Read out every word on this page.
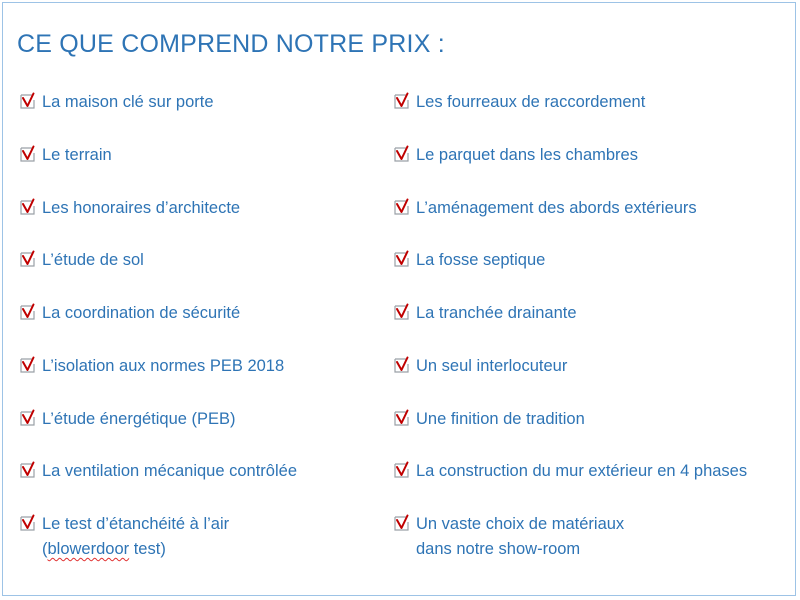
CE QUE COMPREND NOTRE PRIX :
La maison clé sur porte
Le terrain
Les honoraires d’architecte
L’étude de sol
La coordination de sécurité
L’isolation aux normes PEB 2018
L’étude énergétique (PEB)
La ventilation mécanique contrôlée
Le test d’étanchéité à l’air
(blowerdoor test)
Les fourreaux de raccordement
Le parquet dans les chambres
L’aménagement des abords extérieurs
La fosse septique
La tranchée drainante
Un seul interlocuteur
Une finition de tradition
La construction du mur extérieur en 4 phases
Un vaste choix de matériaux
dans notre show-room
